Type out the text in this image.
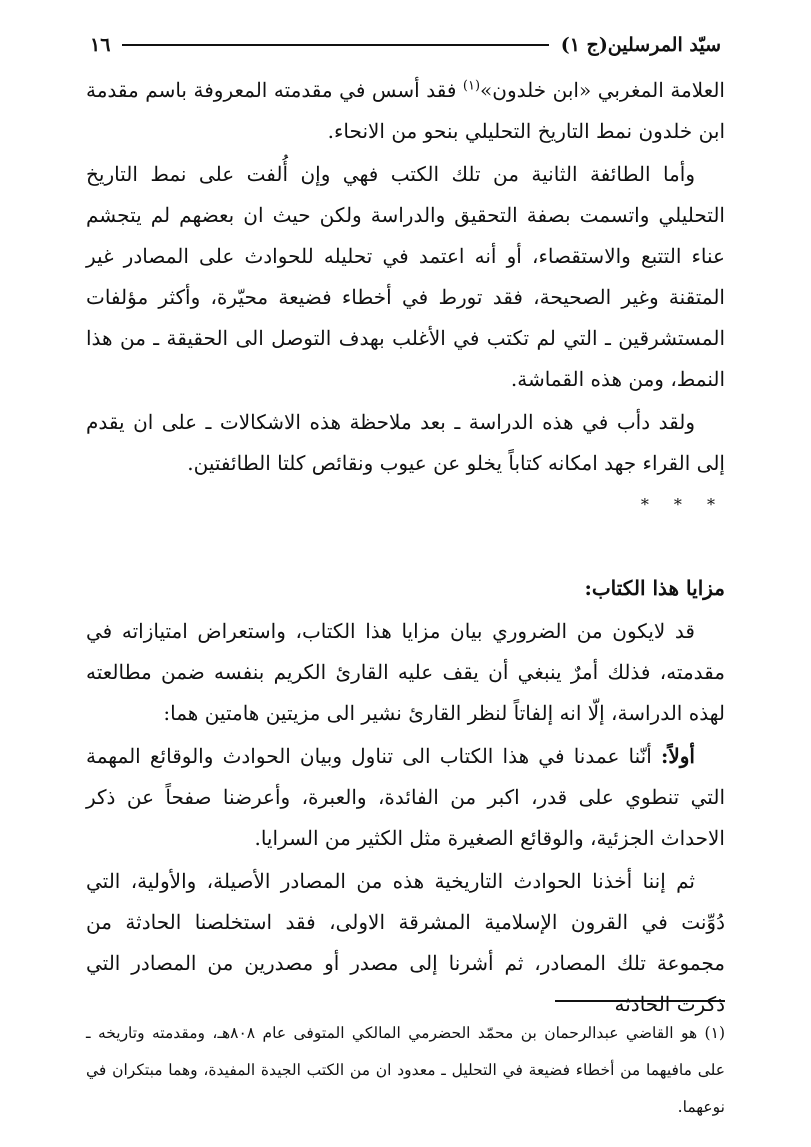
سيّد المرسلين(ج ١)
١٦

العلامة المغربي «ابن خلدون»$^{(١)}$ فقد أسس في مقدمته المعروفة باسم مقدمة ابن خلدون نمط التاريخ التحليلي بنحو من الانحاء.

وأما الطائفة الثانية من تلك الكتب فهي وإن أُلفت على نمط التاريخ التحليلي واتسمت بصفة التحقيق والدراسة ولكن حيث ان بعضهم لم يتجشم عناء التتبع والاستقصاء، أو أنه اعتمد في تحليله للحوادث على المصادر غير المتقنة وغير الصحيحة، فقد تورط في أخطاء فضيعة محيّرة، وأكثر مؤلفات المستشرقين ـ التي لم تكتب في الأغلب بهدف التوصل الى الحقيقة ـ من هذا النمط، ومن هذه القماشة.

ولقد دأب في هذه الدراسة ـ بعد ملاحظة هذه الاشكالات ـ على ان يقدم إلى القراء جهد امكانه كتاباً يخلو عن عيوب ونقائص كلتا الطائفتين.

* * *

مزايا هذا الكتاب:

قد لايكون من الضروري بيان مزايا هذا الكتاب، واستعراض امتيازاته في مقدمته، فذلك أمرٌ ينبغي أن يقف عليه القارئ الكريم بنفسه ضمن مطالعته لهذه الدراسة، إلّا انه إلفاتاً لنظر القارئ نشير الى مزيتين هامتين هما:

أولاً: أنّنا عمدنا في هذا الكتاب الى تناول وبيان الحوادث والوقائع المهمة التي تنطوي على قدر، اكبر من الفائدة، والعبرة، وأعرضنا صفحاً عن ذكر الاحداث الجزئية، والوقائع الصغيرة مثل الكثير من السرايا.

ثم إننا أخذنا الحوادث التاريخية هذه من المصادر الأصيلة، والأولية، التي دُوِّنت في القرون الإسلامية المشرقة الاولى، فقد استخلصنا الحادثة من مجموعة تلك المصادر، ثم أشرنا إلى مصدر أو مصدرين من المصادر التي ذكرت الحادثة

(١) هو القاضي عبدالرحمان بن محمّد الحضرمي المالكي المتوفى عام ٨٠٨هـ، ومقدمته وتاريخه ـ على مافيهما من أخطاء فضيعة في التحليل ـ معدود ان من الكتب الجيدة المفيدة، وهما مبتكران في نوعهما.
